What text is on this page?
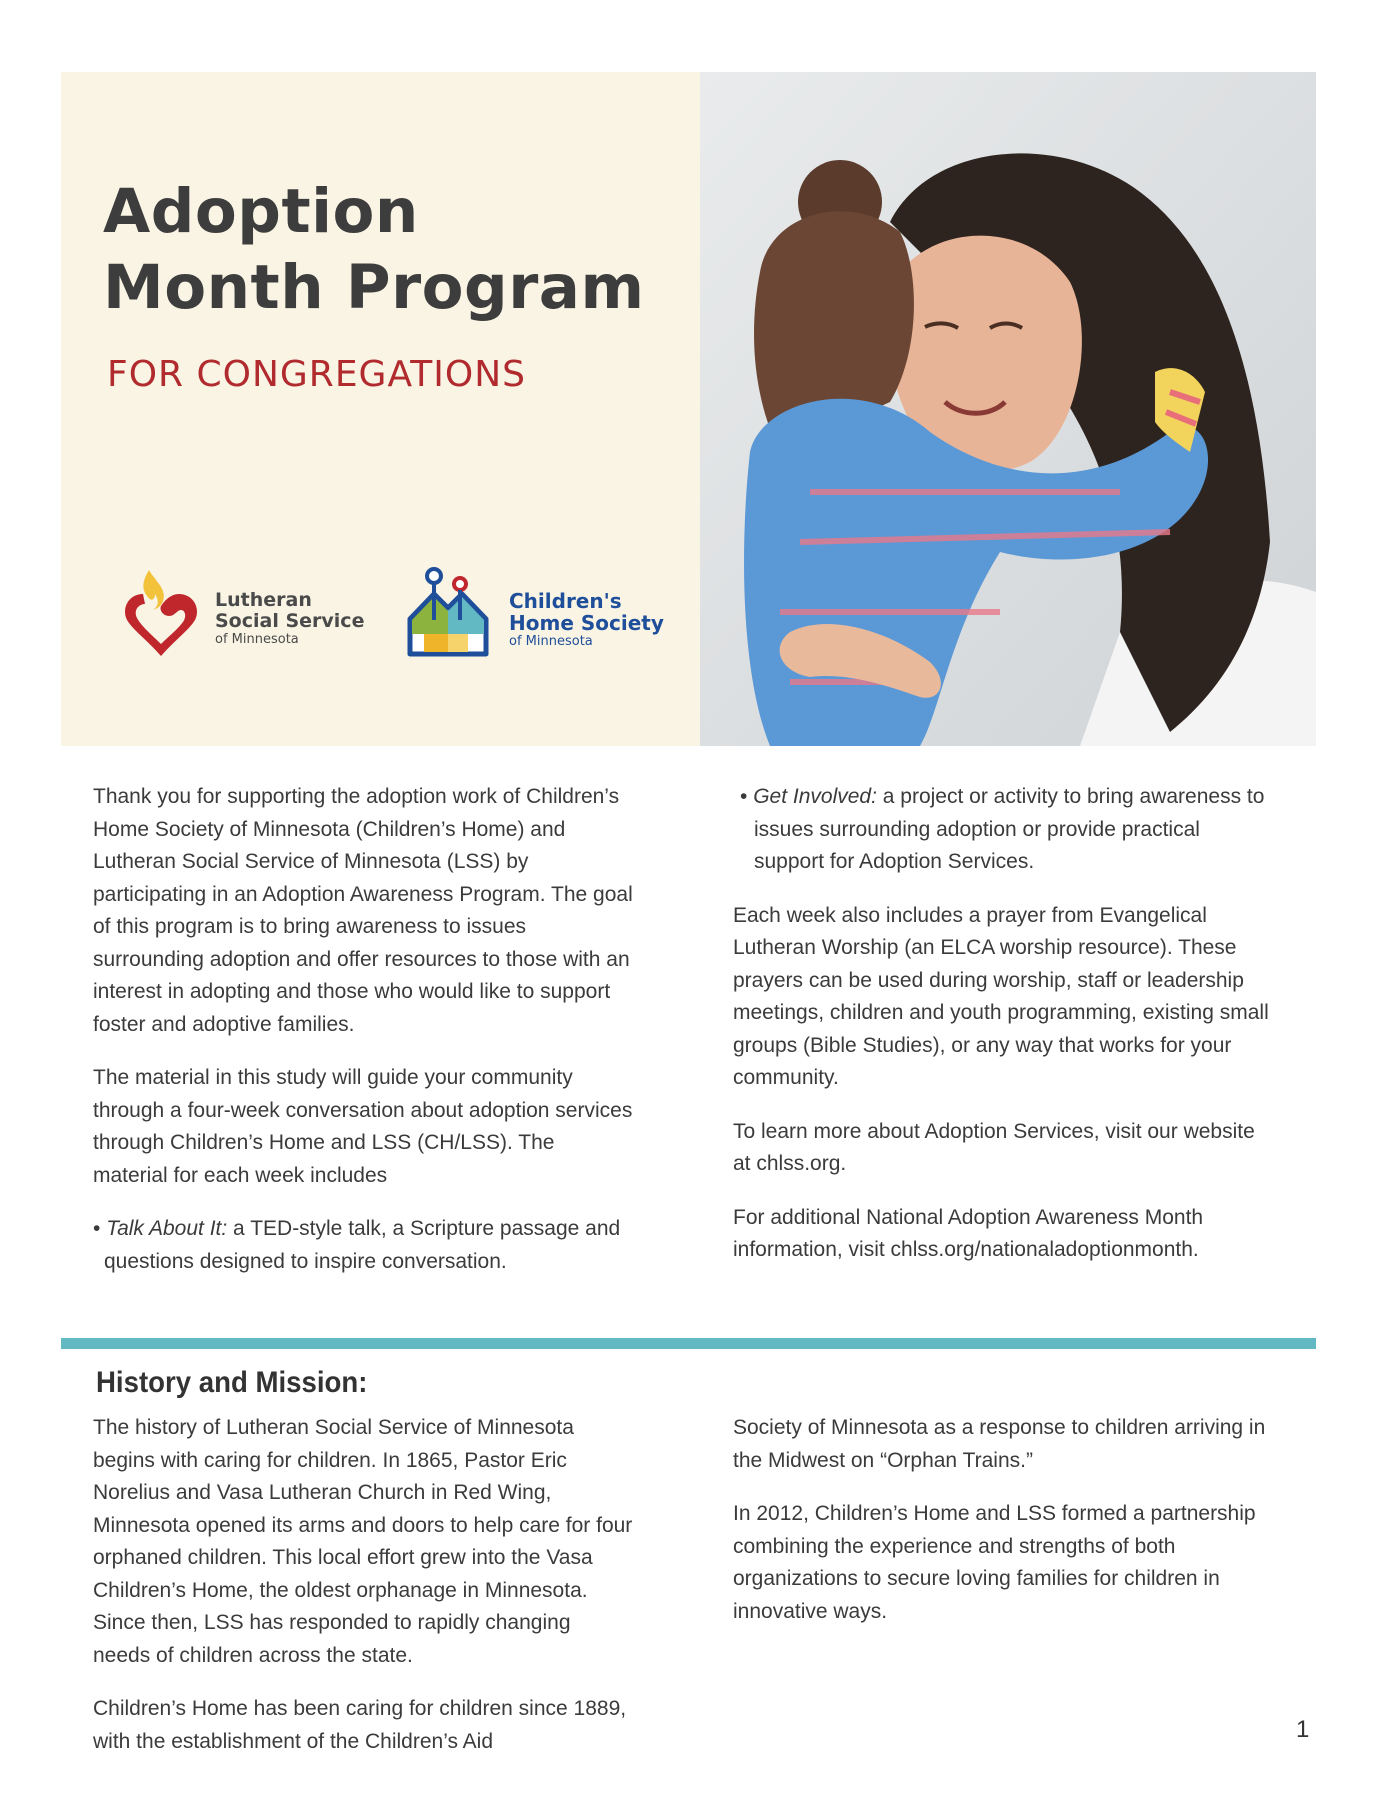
Adoption
Month Program
FOR CONGREGATIONS
Lutheran
Social Service
of Minnesota
Children's
Home Society
of Minnesota

Thank you for supporting the adoption work of Children’s Home Society of Minnesota (Children’s Home) and Lutheran Social Service of Minnesota (LSS) by participating in an Adoption Awareness Program. The goal of this program is to bring awareness to issues surrounding adoption and offer resources to those with an interest in adopting and those who would like to support foster and adoptive families.

The material in this study will guide your community through a four-week conversation about adoption services through Children’s Home and LSS (CH/LSS). The material for each week includes

• Talk About It: a TED-style talk, a Scripture passage and questions designed to inspire conversation.

• Get Involved: a project or activity to bring awareness to issues surrounding adoption or provide practical support for Adoption Services.

Each week also includes a prayer from Evangelical Lutheran Worship (an ELCA worship resource). These prayers can be used during worship, staff or leadership meetings, children and youth programming, existing small groups (Bible Studies), or any way that works for your community.

To learn more about Adoption Services, visit our website at chlss.org.

For additional National Adoption Awareness Month information, visit chlss.org/nationaladoptionmonth.

History and Mission:

The history of Lutheran Social Service of Minnesota begins with caring for children. In 1865, Pastor Eric Norelius and Vasa Lutheran Church in Red Wing, Minnesota opened its arms and doors to help care for four orphaned children. This local effort grew into the Vasa Children’s Home, the oldest orphanage in Minnesota. Since then, LSS has responded to rapidly changing needs of children across the state.

Children’s Home has been caring for children since 1889, with the establishment of the Children’s Aid

Society of Minnesota as a response to children arriving in the Midwest on “Orphan Trains.”

In 2012, Children’s Home and LSS formed a partnership combining the experience and strengths of both organizations to secure loving families for children in innovative ways.

1
